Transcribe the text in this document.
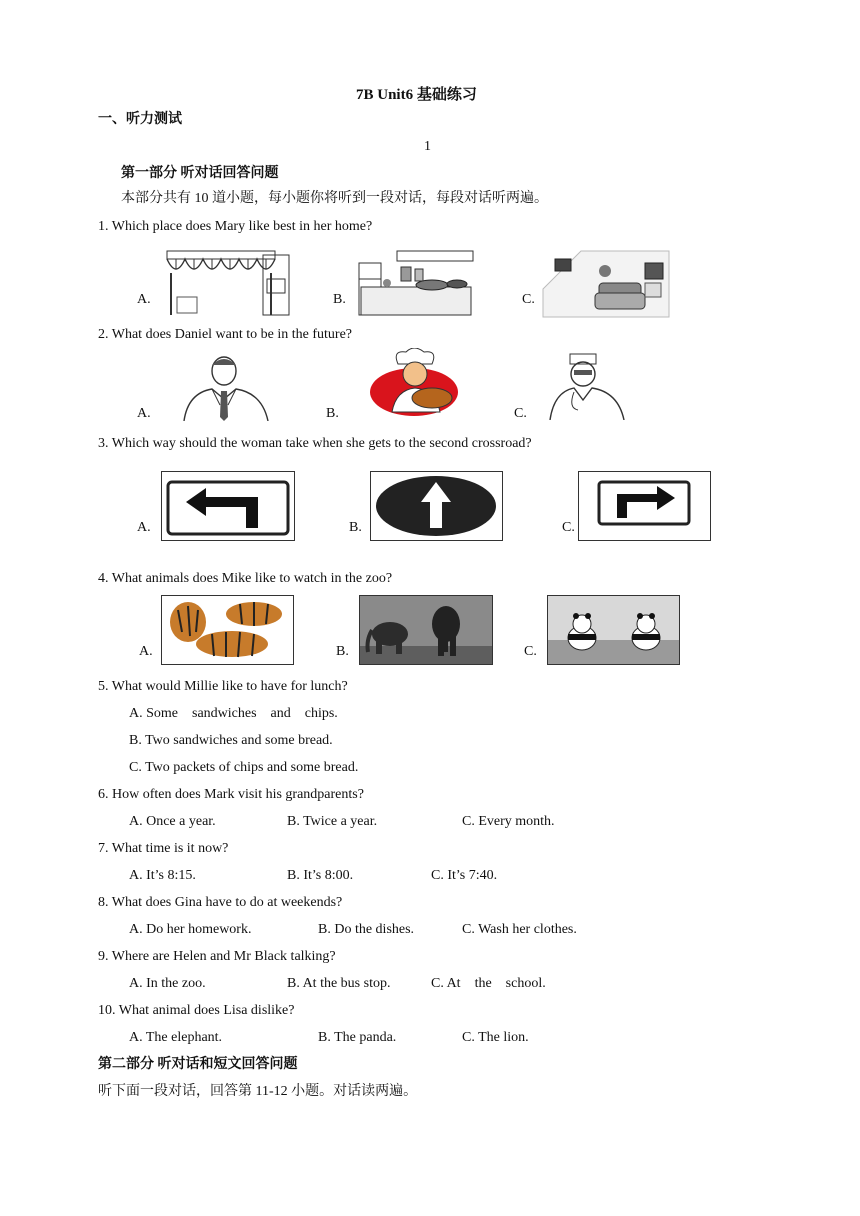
7B Unit6 基础练习
一、听力测试
1
第一部分 听对话回答问题
本部分共有 10 道小题，每小题你将听到一段对话，每段对话听两遍。
1. Which place does Mary like best in her home?
A.	B.	C.
2. What does Daniel want to be in the future?
A.	B.	C.
3. Which way should the woman take when she gets to the second crossroad?
A.	B.	C.
4. What animals does Mike like to watch in the zoo?
A.	B.	C.
5. What would Millie like to have for lunch?
A. Some    sandwiches    and    chips.
B. Two sandwiches and some bread.
C. Two packets of chips and some bread.
6. How often does Mark visit his grandparents?
A. Once a year.	B. Twice a year.	C. Every month.
7. What time is it now?
A. It’s 8:15.	B. It’s 8:00.	C. It’s 7:40.
8. What does Gina have to do at weekends?
A. Do her homework.	B. Do the dishes.	C. Wash her clothes.
9. Where are Helen and Mr Black talking?
A. In the zoo.	B. At the bus stop.	C. At    the    school.
10. What animal does Lisa dislike?
A. The elephant.	B. The panda.	C. The lion.
第二部分 听对话和短文回答问题
听下面一段对话，回答第 11-12 小题。对话读两遍。
